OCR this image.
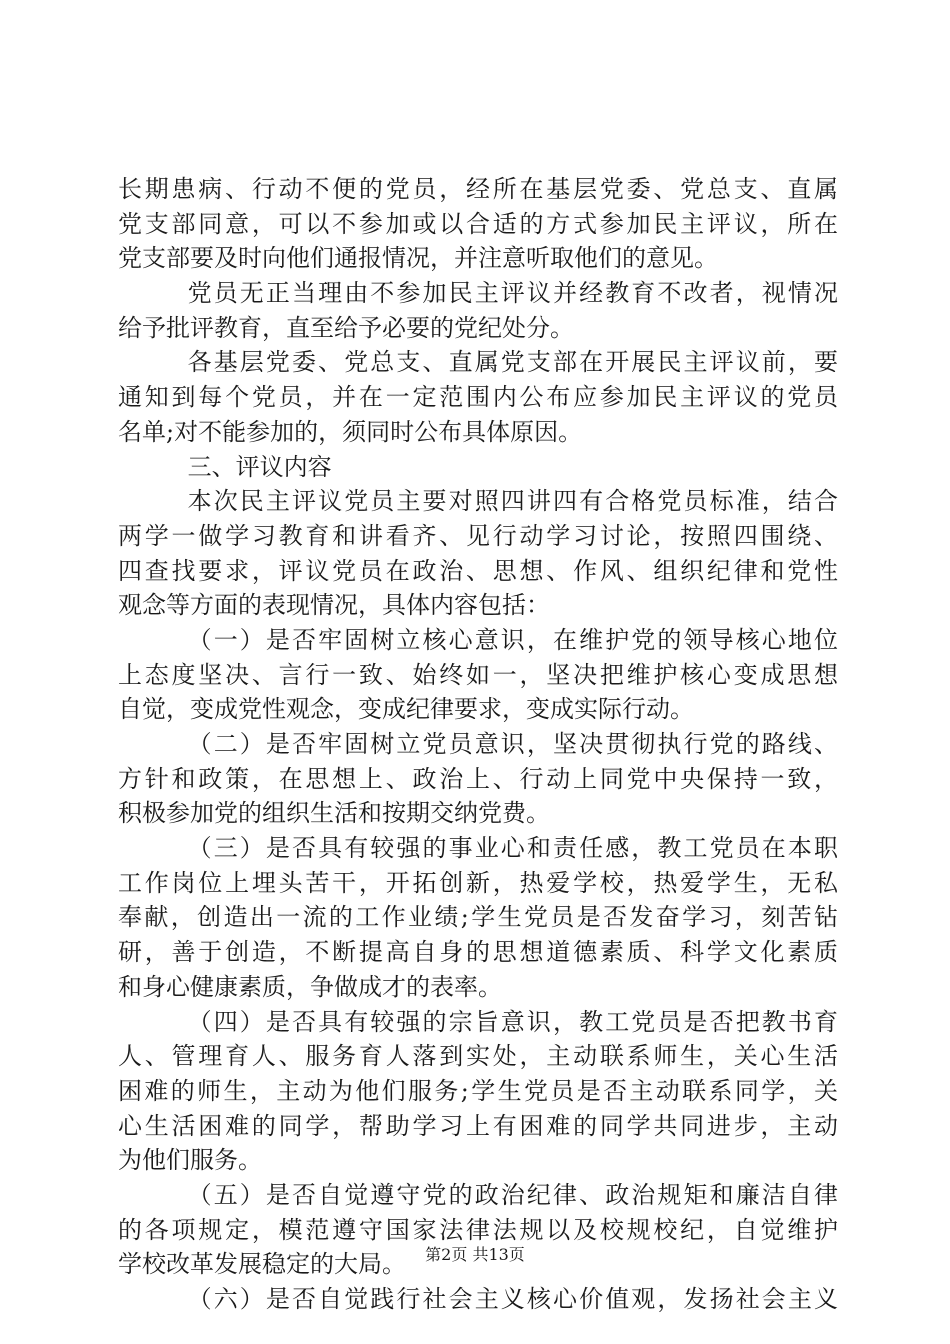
长期患病、行动不便的党员，经所在基层党委、党总支、直属
党支部同意，可以不参加或以合适的方式参加民主评议，所在
党支部要及时向他们通报情况，并注意听取他们的意见。
党员无正当理由不参加民主评议并经教育不改者，视情况
给予批评教育，直至给予必要的党纪处分。
各基层党委、党总支、直属党支部在开展民主评议前，要
通知到每个党员，并在一定范围内公布应参加民主评议的党员
名单;对不能参加的，须同时公布具体原因。
三、评议内容
本次民主评议党员主要对照四讲四有合格党员标准，结合
两学一做学习教育和讲看齐、见行动学习讨论，按照四围绕、
四查找要求，评议党员在政治、思想、作风、组织纪律和党性
观念等方面的表现情况，具体内容包括：
（一）是否牢固树立核心意识，在维护党的领导核心地位
上态度坚决、言行一致、始终如一，坚决把维护核心变成思想
自觉，变成党性观念，变成纪律要求，变成实际行动。
（二）是否牢固树立党员意识，坚决贯彻执行党的路线、
方针和政策，在思想上、政治上、行动上同党中央保持一致，
积极参加党的组织生活和按期交纳党费。
（三）是否具有较强的事业心和责任感，教工党员在本职
工作岗位上埋头苦干，开拓创新，热爱学校，热爱学生，无私
奉献，创造出一流的工作业绩;学生党员是否发奋学习，刻苦钻
研，善于创造，不断提高自身的思想道德素质、科学文化素质
和身心健康素质，争做成才的表率。
（四）是否具有较强的宗旨意识，教工党员是否把教书育
人、管理育人、服务育人落到实处，主动联系师生，关心生活
困难的师生，主动为他们服务;学生党员是否主动联系同学，关
心生活困难的同学，帮助学习上有困难的同学共同进步，主动
为他们服务。
（五）是否自觉遵守党的政治纪律、政治规矩和廉洁自律
的各项规定，模范遵守国家法律法规以及校规校纪，自觉维护
学校改革发展稳定的大局。
（六）是否自觉践行社会主义核心价值观，发扬社会主义
第2页 共13页
